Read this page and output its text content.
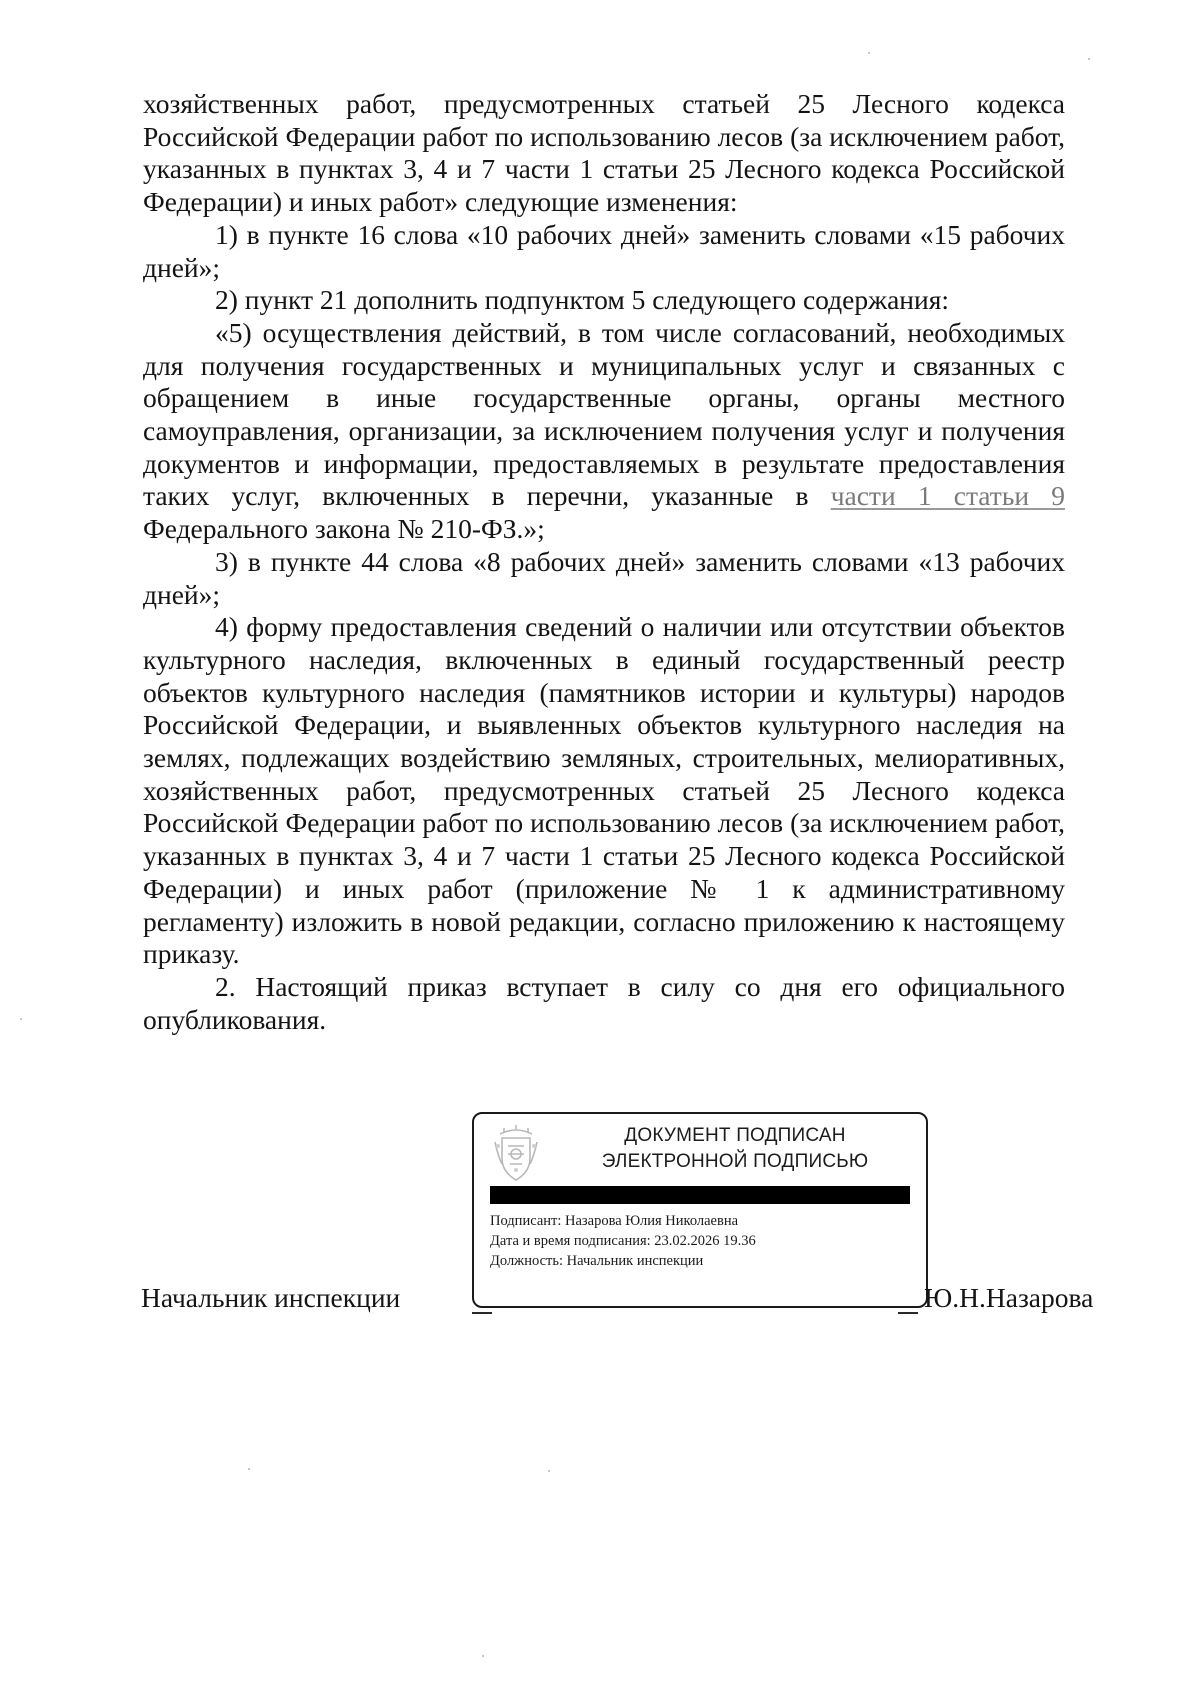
хозяйственных работ, предусмотренных статьей 25 Лесного кодекса Российской Федерации работ по использованию лесов (за исключением работ, указанных в пунктах 3, 4 и 7 части 1 статьи 25 Лесного кодекса Российской Федерации) и иных работ» следующие изменения:

1) в пункте 16 слова «10 рабочих дней» заменить словами «15 рабочих дней»;

2) пункт 21 дополнить подпунктом 5 следующего содержания:

«5) осуществления действий, в том числе согласований, необходимых для получения государственных и муниципальных услуг и связанных с обращением в иные государственные органы, органы местного самоуправления, организации, за исключением получения услуг и получения документов и информации, предоставляемых в результате предоставления таких услуг, включенных в перечни, указанные в части 1 статьи 9 Федерального закона № 210-ФЗ.»;

3) в пункте 44 слова «8 рабочих дней» заменить словами «13 рабочих дней»;

4) форму предоставления сведений о наличии или отсутствии объектов культурного наследия, включенных в единый государственный реестр объектов культурного наследия (памятников истории и культуры) народов Российской Федерации, и выявленных объектов культурного наследия на землях, подлежащих воздействию земляных, строительных, мелиоративных, хозяйственных работ, предусмотренных статьей 25 Лесного кодекса Российской Федерации работ по использованию лесов (за исключением работ, указанных в пунктах 3, 4 и 7 части 1 статьи 25 Лесного кодекса Российской Федерации) и иных работ (приложение № 1 к административному регламенту) изложить в новой редакции, согласно приложению к настоящему приказу.

2. Настоящий приказ вступает в силу со дня его официального опубликования.

ДОКУМЕНТ ПОДПИСАН
ЭЛЕКТРОННОЙ ПОДПИСЬЮ
Подписант: Назарова Юлия Николаевна
Дата и время подписания: 23.02.2026 19.36
Должность: Начальник инспекции
Начальник инспекции	Ю.Н.Назарова
